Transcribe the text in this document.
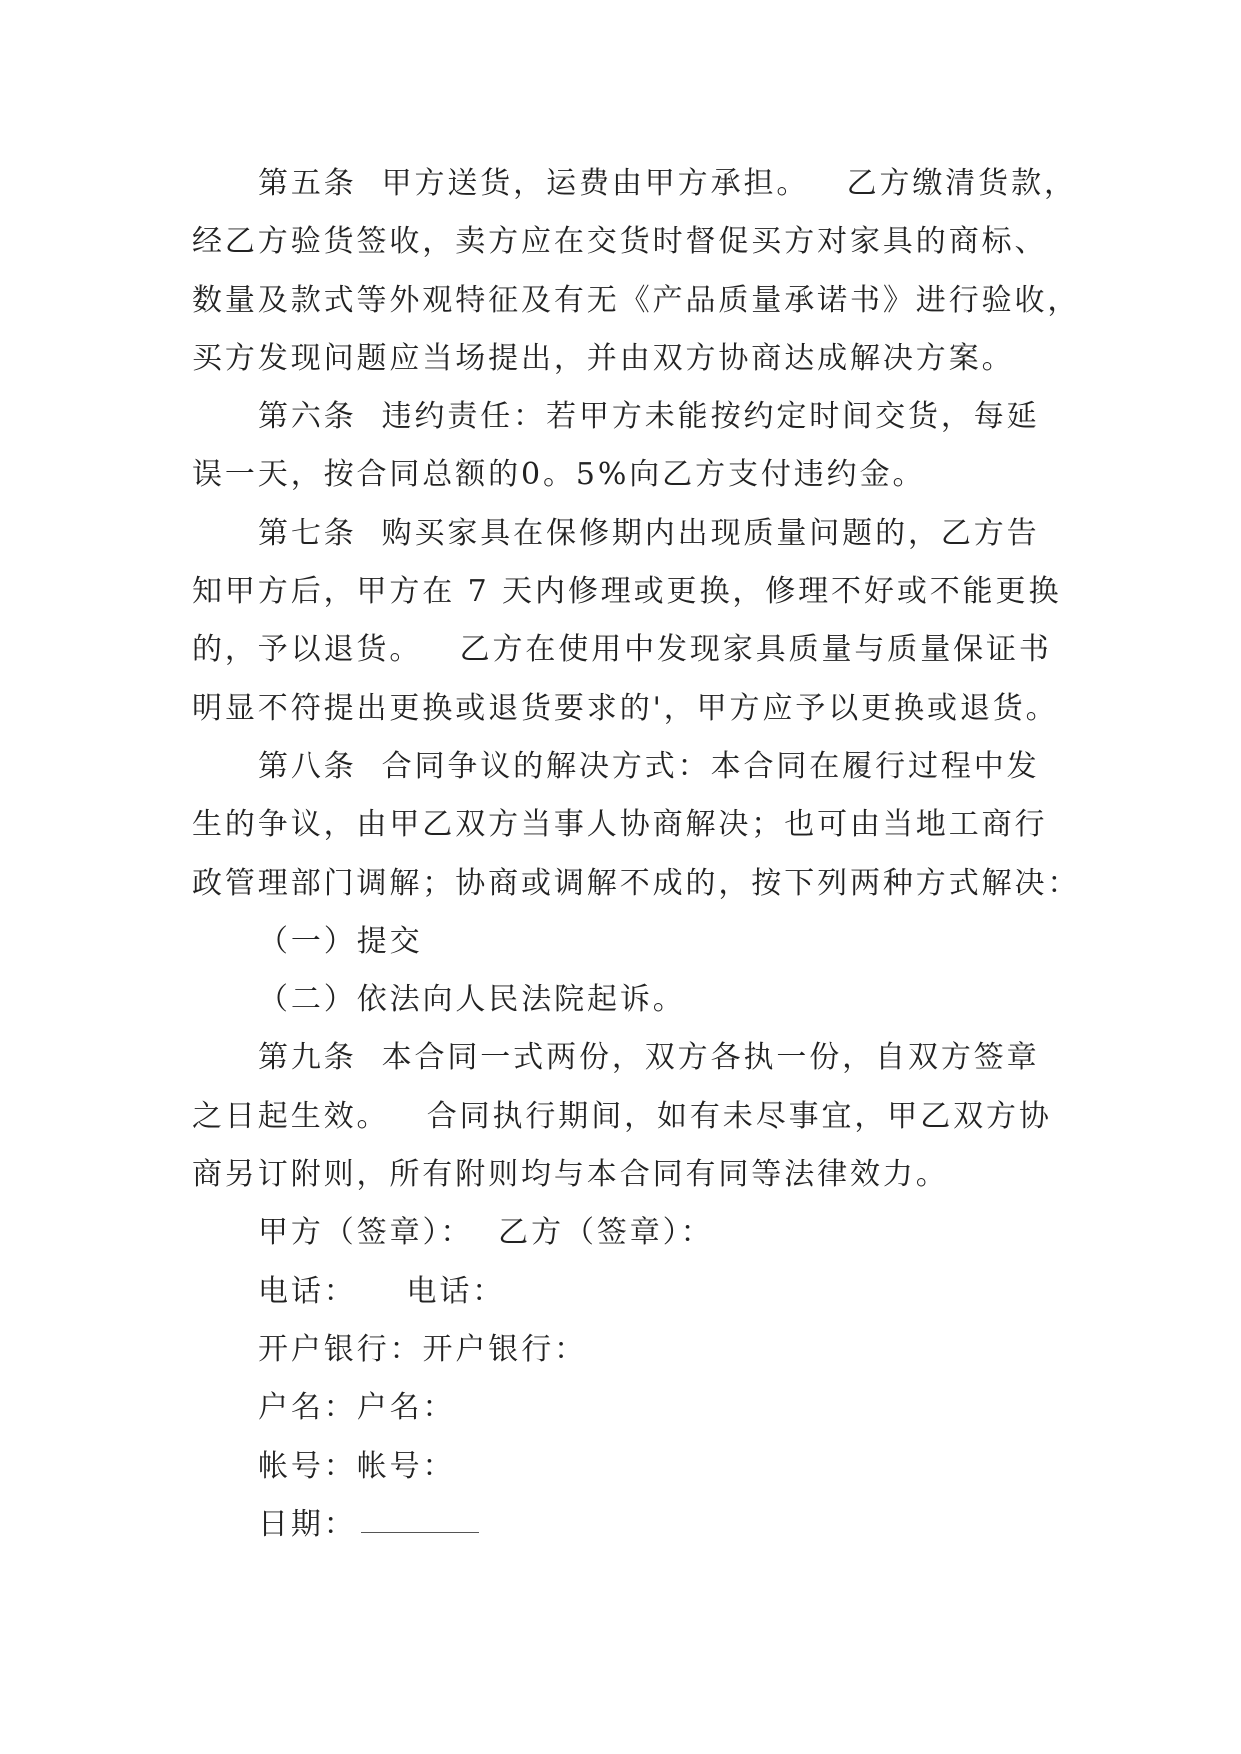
第五条  甲方送货，运费由甲方承担。   乙方缴清货款，
经乙方验货签收，卖方应在交货时督促买方对家具的商标、
数量及款式等外观特征及有无《产品质量承诺书》进行验收，
买方发现问题应当场提出，并由双方协商达成解决方案。
第六条  违约责任：若甲方未能按约定时间交货，每延
误一天，按合同总额的0。5%向乙方支付违约金。
第七条  购买家具在保修期内出现质量问题的，乙方告
知甲方后，甲方在 7 天内修理或更换，修理不好或不能更换
的，予以退货。   乙方在使用中发现家具质量与质量保证书
明显不符提出更换或退货要求的'，甲方应予以更换或退货。
第八条  合同争议的解决方式：本合同在履行过程中发
生的争议，由甲乙双方当事人协商解决；也可由当地工商行
政管理部门调解；协商或调解不成的，按下列两种方式解决：
（一）提交
（二）依法向人民法院起诉。
第九条  本合同一式两份，双方各执一份，自双方签章
之日起生效。   合同执行期间，如有未尽事宜，甲乙双方协
商另订附则，所有附则均与本合同有同等法律效力。
甲方（签章）：  乙方（签章）：
电话：    电话：
开户银行：开户银行：
户名：户名：
帐号：帐号：
日期：
